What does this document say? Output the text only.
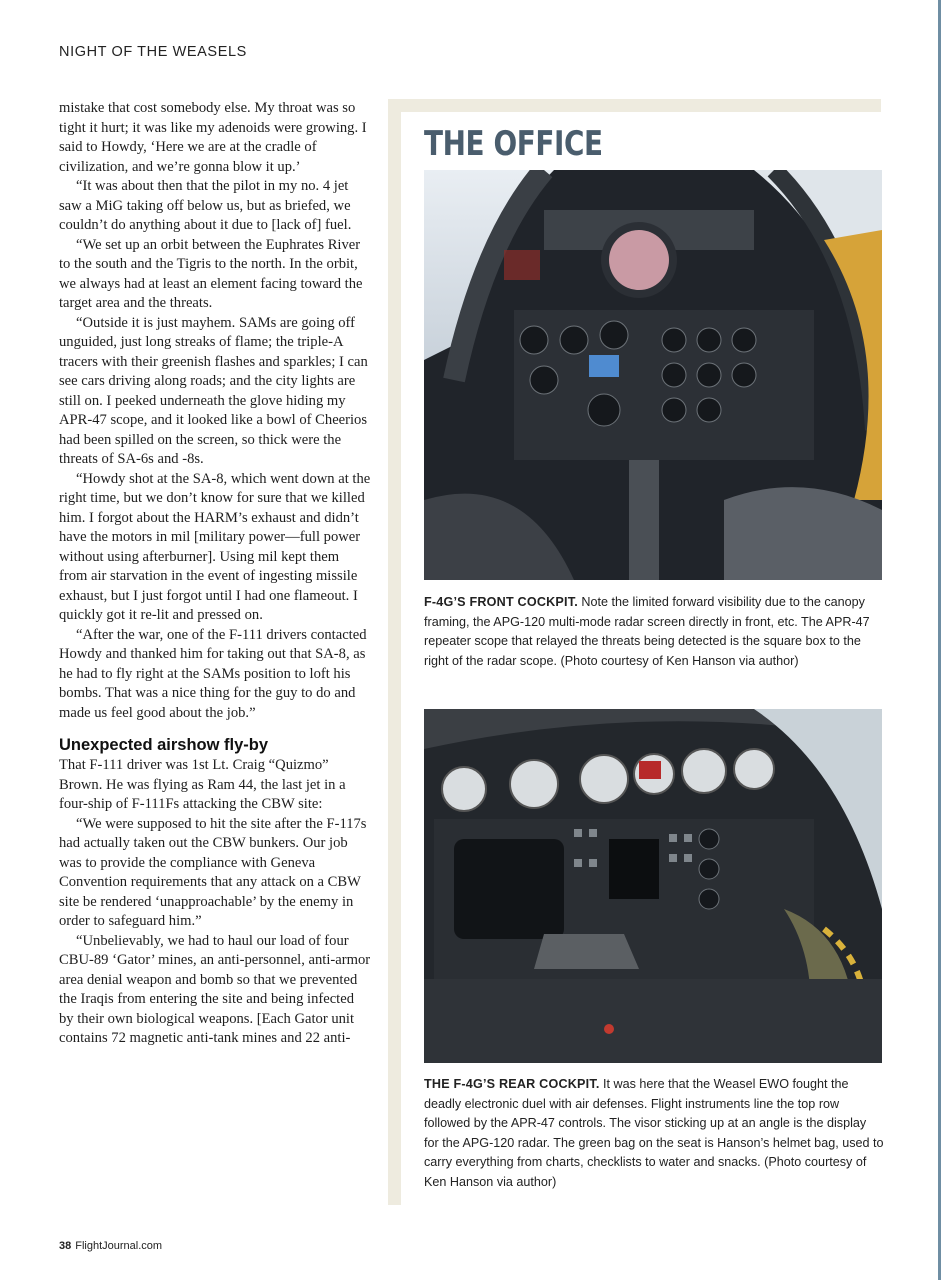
NIGHT OF THE WEASELS

mistake that cost somebody else. My throat was so tight it hurt; it was like my adenoids were growing. I said to Howdy, ‘Here we are at the cradle of civilization, and we’re gonna blow it up.’

“It was about then that the pilot in my no. 4 jet saw a MiG taking off below us, but as briefed, we couldn’t do anything about it due to [lack of] fuel.

“We set up an orbit between the Euphrates River to the south and the Tigris to the north. In the orbit, we always had at least an element facing toward the target area and the threats.

“Outside it is just mayhem. SAMs are going off unguided, just long streaks of flame; the triple-A tracers with their greenish flashes and sparkles; I can see cars driving along roads; and the city lights are still on. I peeked underneath the glove hiding my APR-47 scope, and it looked like a bowl of Cheerios had been spilled on the screen, so thick were the threats of SA-6s and -8s.

“Howdy shot at the SA-8, which went down at the right time, but we don’t know for sure that we killed him. I forgot about the HARM’s exhaust and didn’t have the motors in mil [military power—full power without using afterburner]. Using mil kept them from air starvation in the event of ingesting missile exhaust, but I just forgot until I had one flameout. I quickly got it re-lit and pressed on.

“After the war, one of the F-111 drivers contacted Howdy and thanked him for taking out that SA-8, as he had to fly right at the SAMs position to loft his bombs. That was a nice thing for the guy to do and made us feel good about the job.”

Unexpected airshow fly-by

That F-111 driver was 1st Lt. Craig “Quizmo” Brown. He was flying as Ram 44, the last jet in a four-ship of F-111Fs attacking the CBW site:

“We were supposed to hit the site after the F-117s had actually taken out the CBW bunkers. Our job was to provide the compliance with Geneva Convention requirements that any attack on a CBW site be rendered ‘unapproachable’ by the enemy in order to safeguard him.”

“Unbelievably, we had to haul our load of four CBU-89 ‘Gator’ mines, an anti-personnel, anti-armor area denial weapon and bomb so that we prevented the Iraqis from entering the site and being infected by their own biological weapons. [Each Gator unit contains 72 magnetic anti-tank mines and 22 anti-

THE OFFICE
F-4G’S FRONT COCKPIT. Note the limited forward visibility due to the canopy framing, the APG-120 multi-mode radar screen directly in front, etc. The APR-47 repeater scope that relayed the threats being detected is the square box to the right of the radar scope. (Photo courtesy of Ken Hanson via author)
THE F-4G’S REAR COCKPIT. It was here that the Weasel EWO fought the deadly electronic duel with air defenses. Flight instruments line the top row followed by the APR-47 controls. The visor sticking up at an angle is the display for the APG-120 radar. The green bag on the seat is Hanson’s helmet bag, used to carry everything from charts, checklists to water and snacks. (Photo courtesy of Ken Hanson via author)
38 FlightJournal.com
